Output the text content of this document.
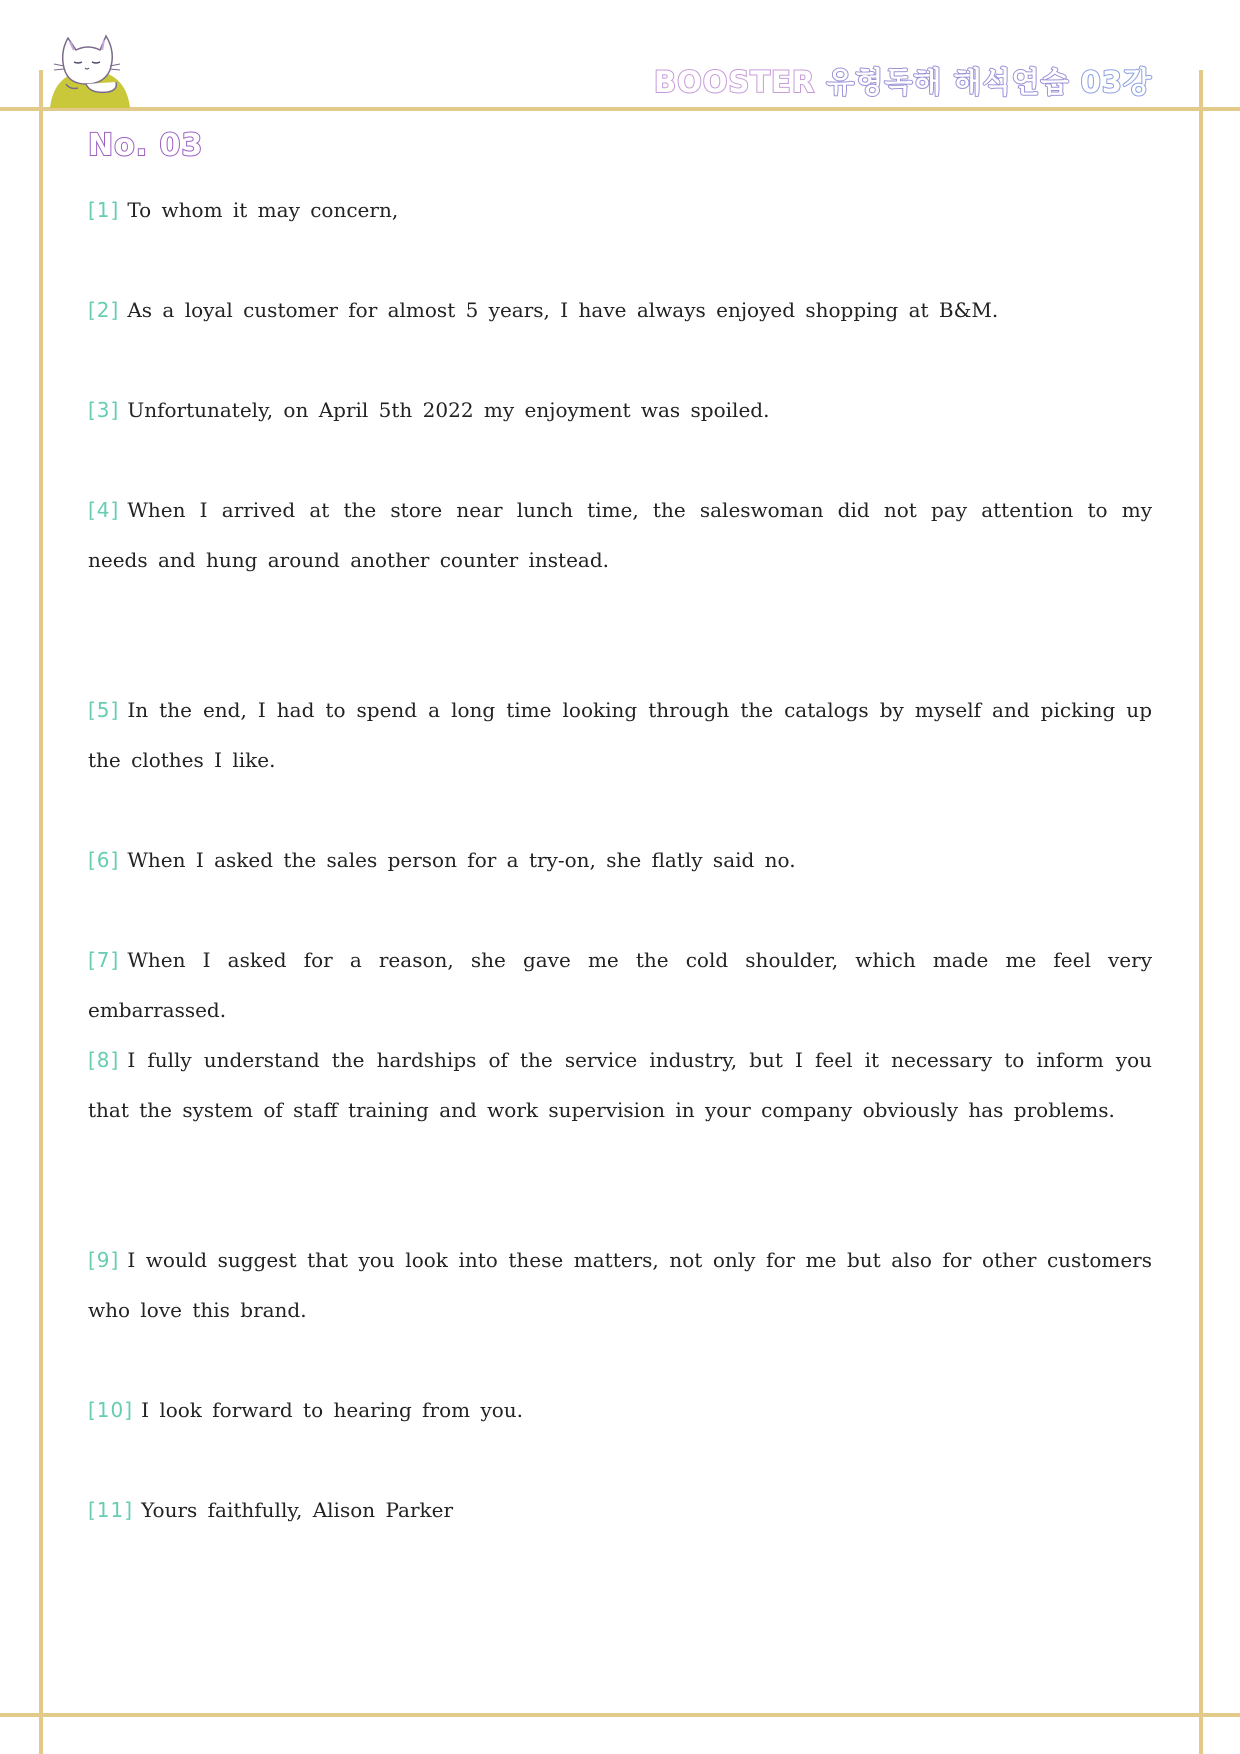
BOOSTER 유형독해 해석연습 03강
No. 03
[1] To whom it may concern,
[2] As a loyal customer for almost 5 years, I have always enjoyed shopping at B&M.
[3] Unfortunately, on April 5th 2022 my enjoyment was spoiled.
[4] When I arrived at the store near lunch time, the saleswoman did not pay attention to my needs and hung around another counter instead.
[5] In the end, I had to spend a long time looking through the catalogs by myself and picking up the clothes I like.
[6] When I asked the sales person for a try-on, she flatly said no.
[7] When I asked for a reason, she gave me the cold shoulder, which made me feel very embarrassed.
[8] I fully understand the hardships of the service industry, but I feel it necessary to inform you that the system of staff training and work supervision in your company obviously has problems.
[9] I would suggest that you look into these matters, not only for me but also for other customers who love this brand.
[10] I look forward to hearing from you.
[11] Yours faithfully, Alison Parker
